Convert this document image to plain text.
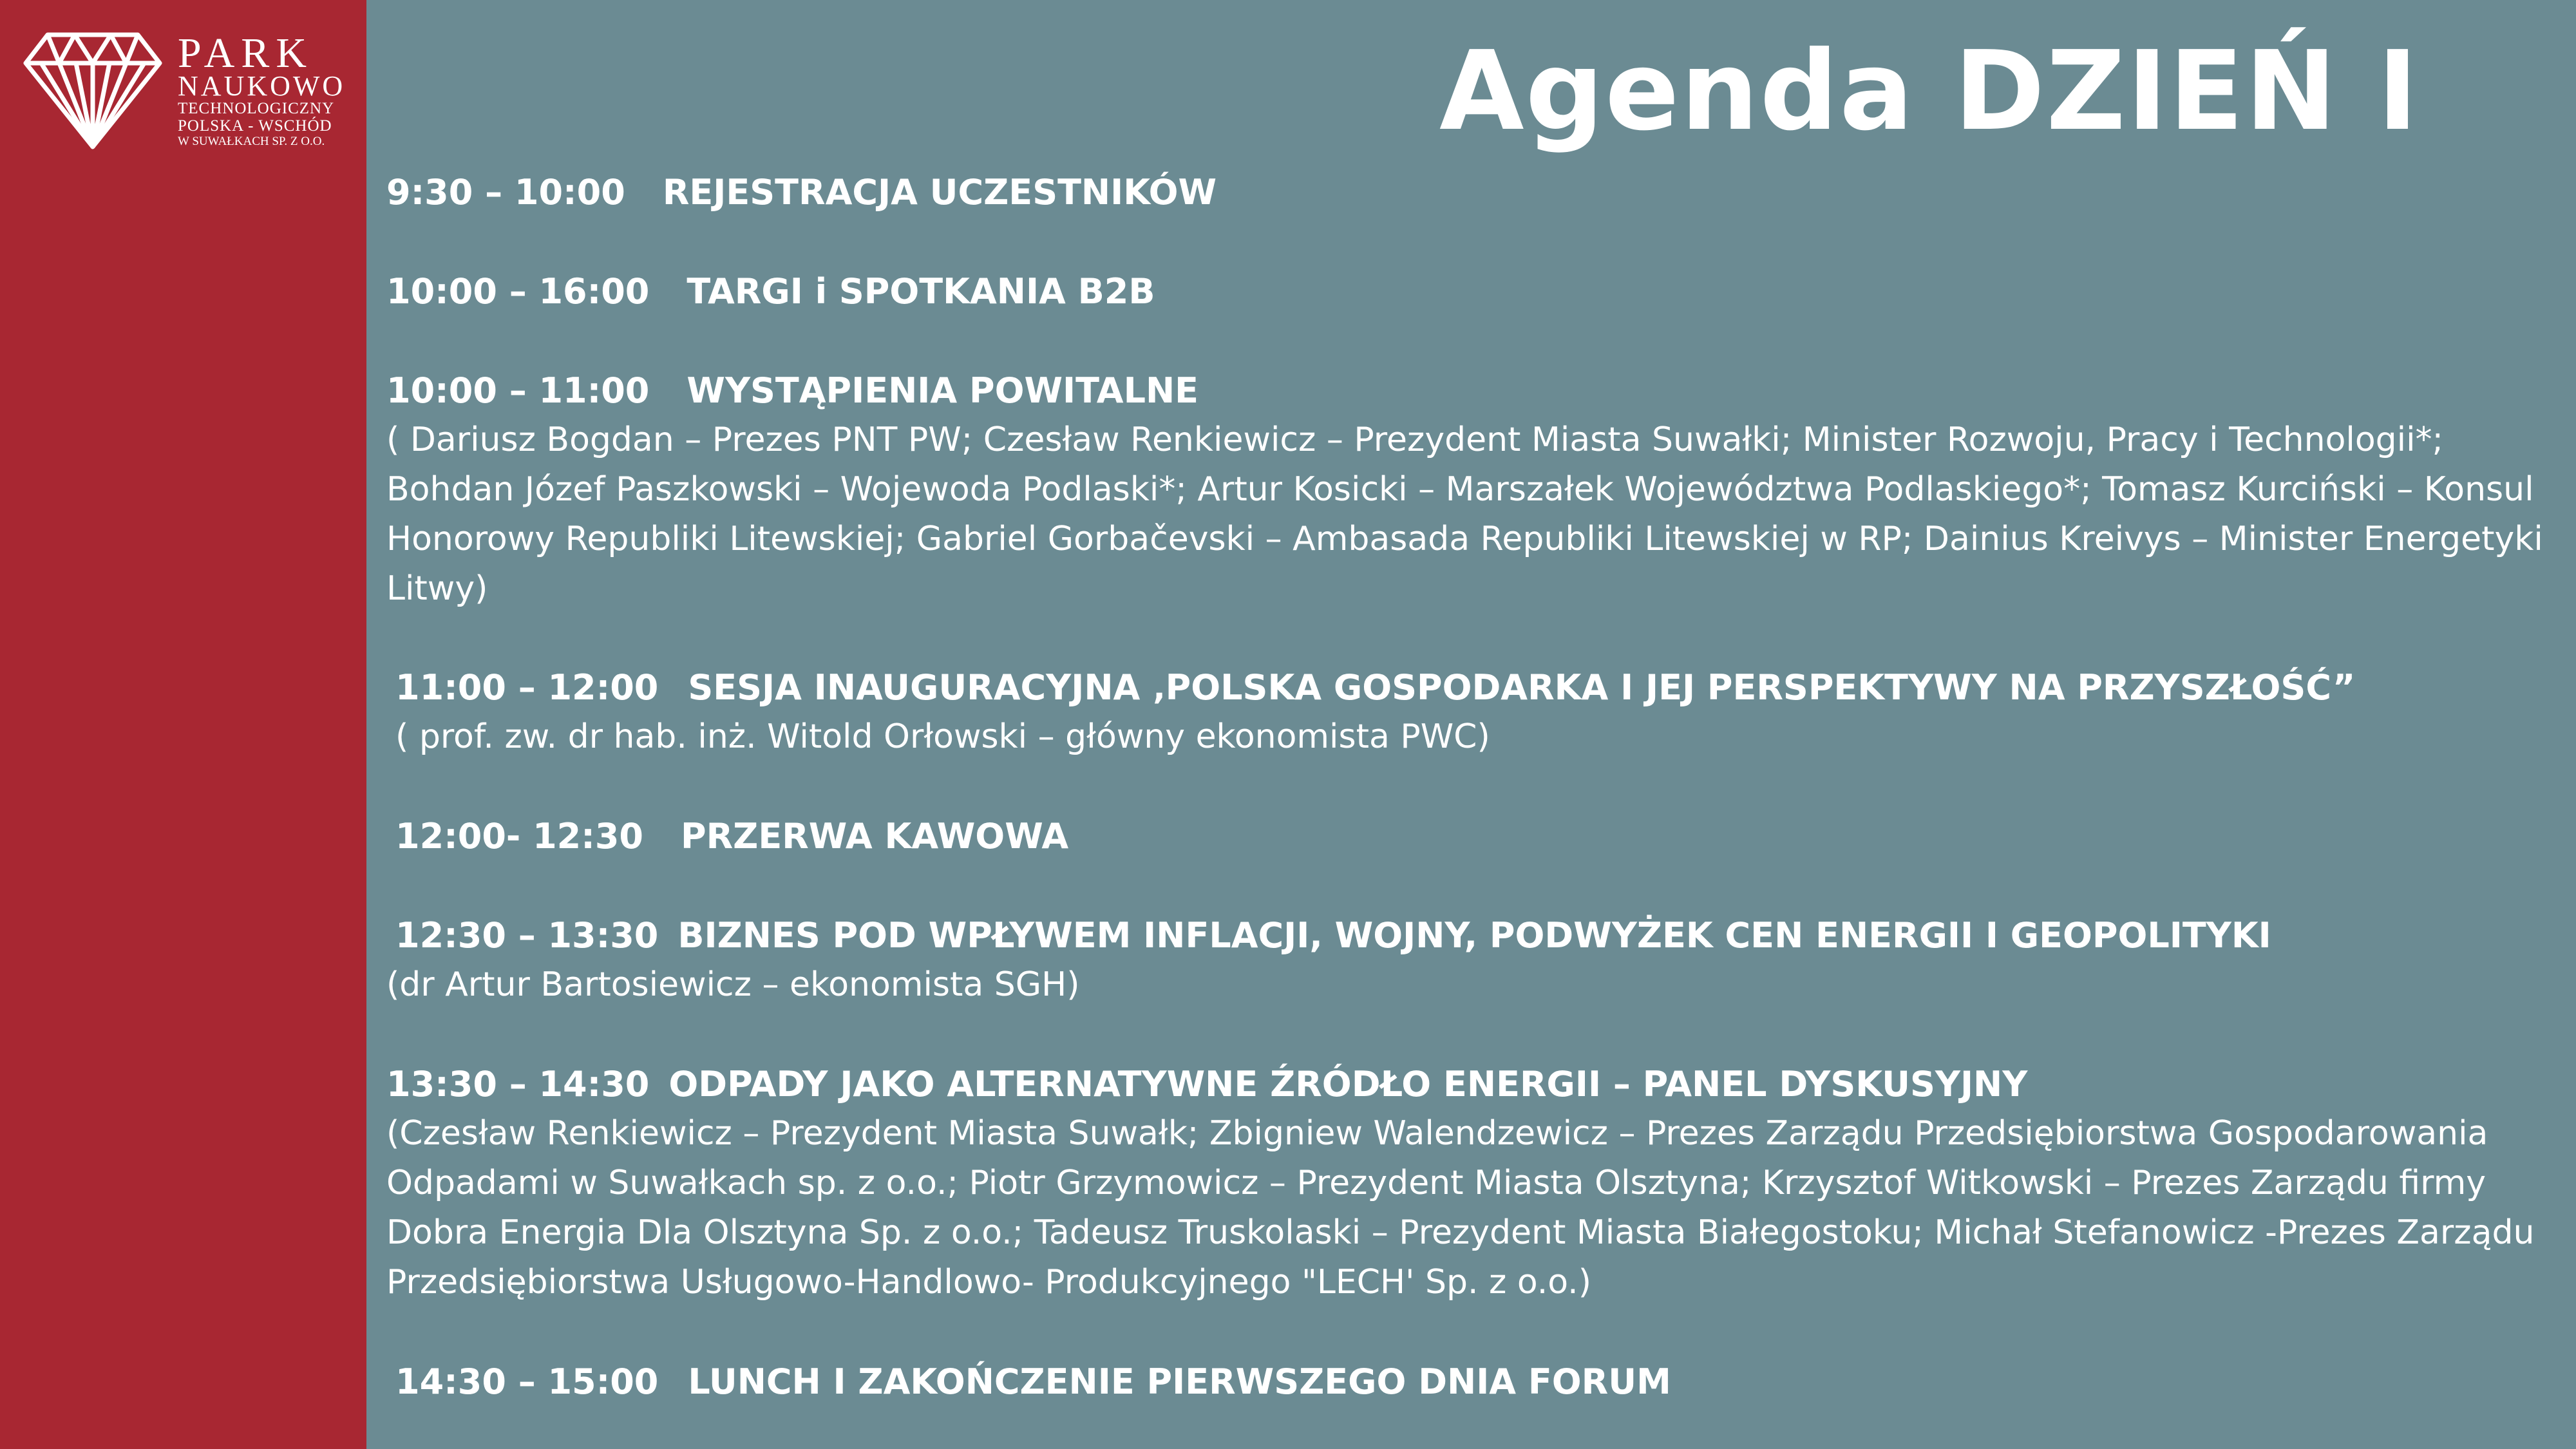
PARK
NAUKOWO
TECHNOLOGICZNY
POLSKA - WSCHÓD
W SUWAŁKACH SP. Z O.O.	Agenda DZIEŃ I
9:30 – 10:00 REJESTRACJA UCZESTNIKÓW
10:00 – 16:00 TARGI i SPOTKANIA B2B
10:00 – 11:00 WYSTĄPIENIA POWITALNE
( Dariusz Bogdan – Prezes PNT PW; Czesław Renkiewicz – Prezydent Miasta Suwałki; Minister Rozwoju, Pracy i Technologii*; Bohdan Józef Paszkowski – Wojewoda Podlaski*; Artur Kosicki – Marszałek Województwa Podlaskiego*; Tomasz Kurciński – Konsul Honorowy Republiki Litewskiej; Gabriel Gorbačevski – Ambasada Republiki Litewskiej w RP; Dainius Kreivys – Minister Energetyki Litwy)
11:00 – 12:00 SESJA INAUGURACYJNA ‚POLSKA GOSPODARKA I JEJ PERSPEKTYWY NA PRZYSZŁOŚĆ”
( prof. zw. dr hab. inż. Witold Orłowski – główny ekonomista PWC)
12:00- 12:30 PRZERWA KAWOWA
12:30 – 13:30 BIZNES POD WPŁYWEM INFLACJI, WOJNY, PODWYŻEK CEN ENERGII I GEOPOLITYKI
(dr Artur Bartosiewicz – ekonomista SGH)
13:30 – 14:30 ODPADY JAKO ALTERNATYWNE ŹRÓDŁO ENERGII – PANEL DYSKUSYJNY
(Czesław Renkiewicz – Prezydent Miasta Suwałk; Zbigniew Walendzewicz – Prezes Zarządu Przedsiębiorstwa Gospodarowania Odpadami w Suwałkach sp. z o.o.; Piotr Grzymowicz – Prezydent Miasta Olsztyna; Krzysztof Witkowski – Prezes Zarządu firmy Dobra Energia Dla Olsztyna Sp. z o.o.; Tadeusz Truskolaski – Prezydent Miasta Białegostoku; Michał Stefanowicz -Prezes Zarządu Przedsiębiorstwa Usługowo-Handlowo- Produkcyjnego "LECH' Sp. z o.o.)
14:30 – 15:00 LUNCH I ZAKOŃCZENIE PIERWSZEGO DNIA FORUM
